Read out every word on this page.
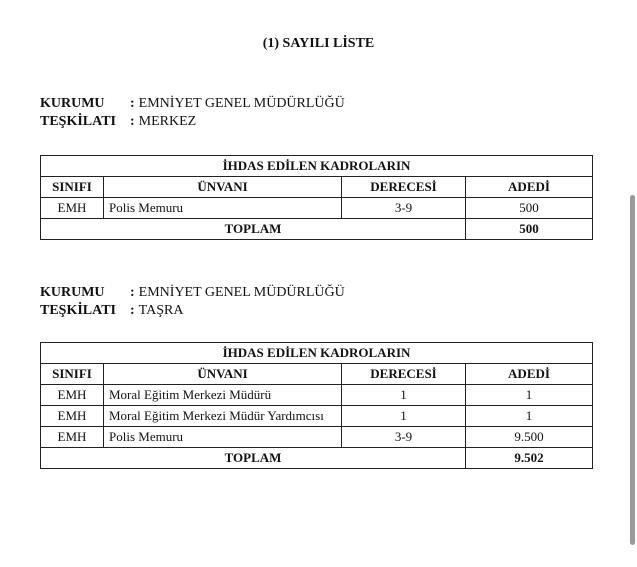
(1) SAYILI LİSTE
KURUMU : EMNİYET GENEL MÜDÜRLÜĞÜ
TEŞKİLATI : MERKEZ
İHDAS EDİLEN KADROLARIN			
SINIFI	ÜNVANI	DERECESİ	ADEDİ
EMH	Polis Memuru	3-9	500
TOPLAM			500
KURUMU : EMNİYET GENEL MÜDÜRLÜĞÜ
TEŞKİLATI : TAŞRA
İHDAS EDİLEN KADROLARIN			
SINIFI	ÜNVANI	DERECESİ	ADEDİ
EMH	Moral Eğitim Merkezi Müdürü	1	1
EMH	Moral Eğitim Merkezi Müdür Yardımcısı	1	1
EMH	Polis Memuru	3-9	9.500
TOPLAM			9.502
